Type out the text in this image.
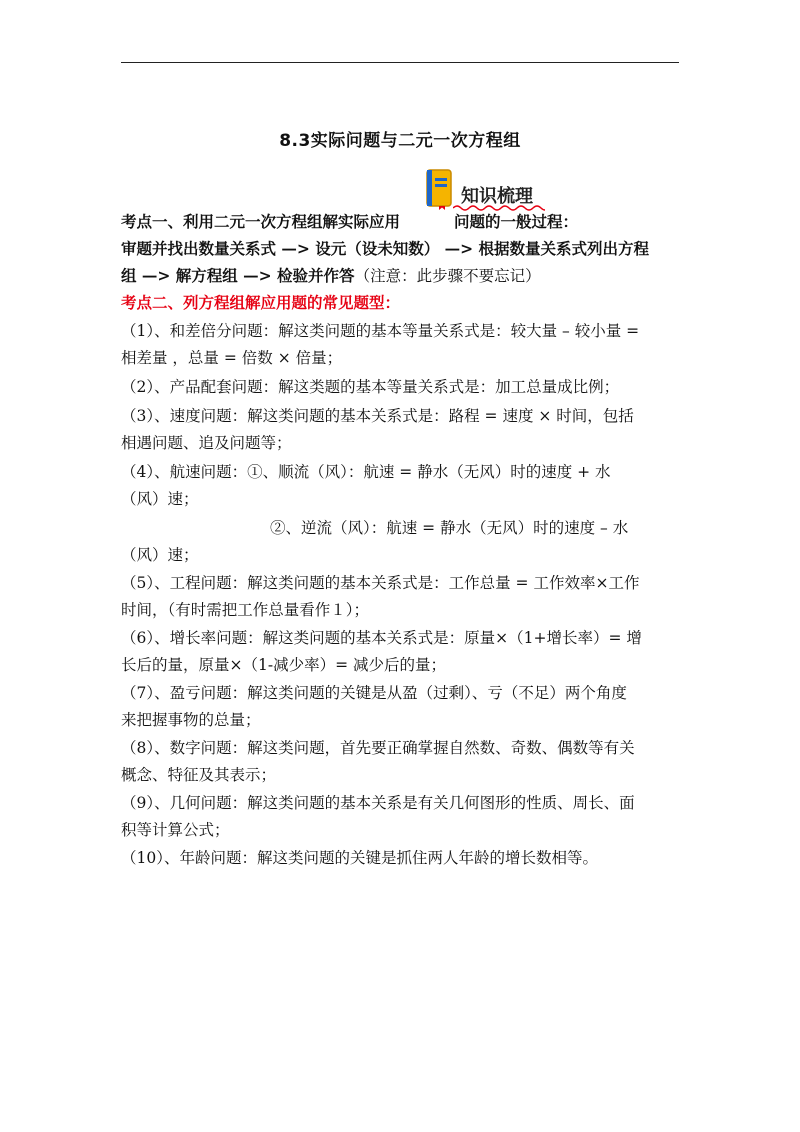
8.3实际问题与二元一次方程组
知识梳理
考点一、利用二元一次方程组解实际应用	问题的一般过程：
审题并找出数量关系式 —> 设元（设未知数） —> 根据数量关系式列出方程
组 —> 解方程组 —> 检验并作答（注意：此步骤不要忘记）
考点二、列方程组解应用题的常见题型：
（1）、和差倍分问题：解这类问题的基本等量关系式是：较大量 – 较小量 =
相差量 ，总量 = 倍数 × 倍量；
（2）、产品配套问题：解这类题的基本等量关系式是：加工总量成比例；
（3）、速度问题：解这类问题的基本关系式是：路程 = 速度 × 时间，包括
相遇问题、追及问题等；
（4）、航速问题：①、顺流（风）：航速 = 静水（无风）时的速度 + 水
（风）速；
②、逆流（风）：航速 = 静水（无风）时的速度 – 水
（风）速；
（5）、工程问题：解这类问题的基本关系式是：工作总量 = 工作效率×工作
时间，（有时需把工作总量看作１）；
（6）、增长率问题：解这类问题的基本关系式是：原量×（1+增长率）= 增
长后的量，原量×（1-减少率）= 减少后的量；
（7）、盈亏问题：解这类问题的关键是从盈（过剩）、亏（不足）两个角度
来把握事物的总量；
（8）、数字问题：解这类问题，首先要正确掌握自然数、奇数、偶数等有关
概念、特征及其表示；
（9）、几何问题：解这类问题的基本关系是有关几何图形的性质、周长、面
积等计算公式；
（10）、年龄问题：解这类问题的关键是抓住两人年龄的增长数相等。
